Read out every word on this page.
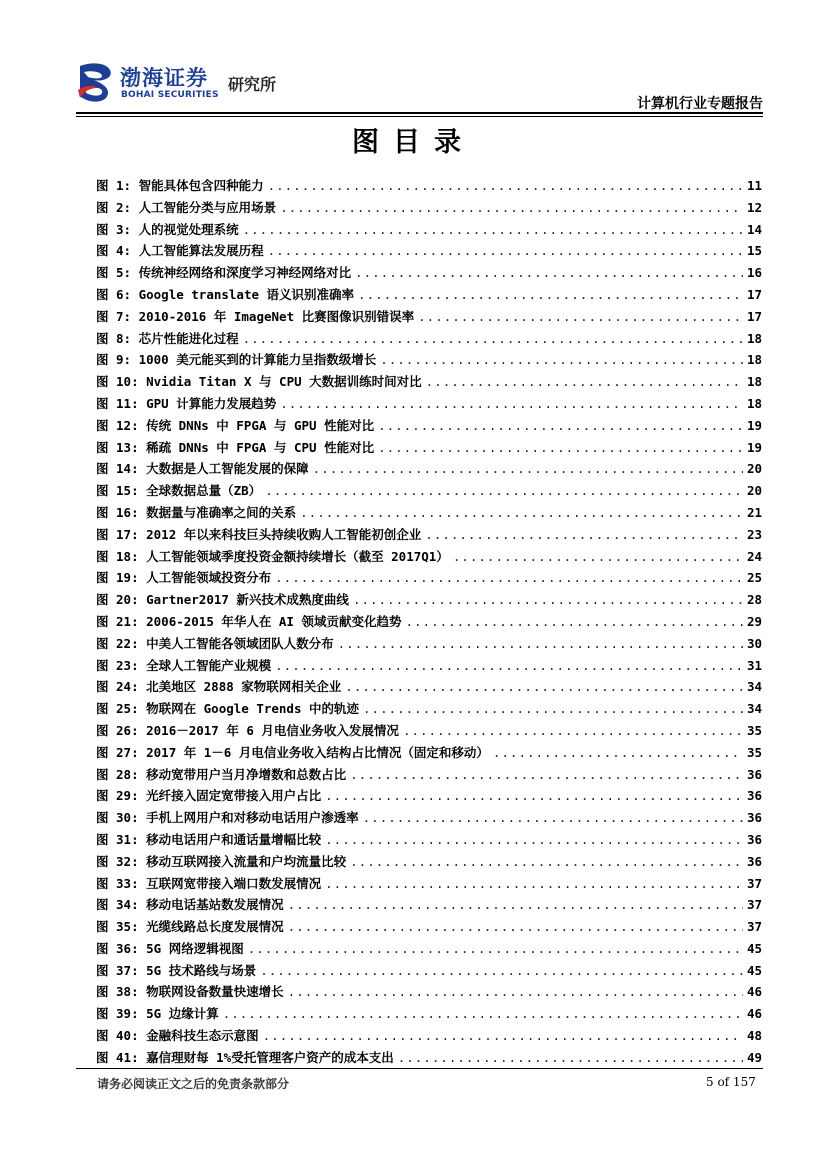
渤海证券
BOHAI SECURITIES
研究所
计算机行业专题报告
图目录
图 1: 智能具体包含四种能力 .....	11
图 2: 人工智能分类与应用场景 .....	12
图 3: 人的视觉处理系统 .....	14
图 4: 人工智能算法发展历程 .....	15
图 5: 传统神经网络和深度学习神经网络对比 .....	16
图 6: Google translate 语义识别准确率 .....	17
图 7: 2010-2016 年 ImageNet 比赛图像识别错误率 .....	17
图 8: 芯片性能进化过程 .....	18
图 9: 1000 美元能买到的计算能力呈指数级增长 .....	18
图 10: Nvidia Titan X 与 CPU 大数据训练时间对比 .....	18
图 11: GPU 计算能力发展趋势 .....	18
图 12: 传统 DNNs 中 FPGA 与 GPU 性能对比 .....	19
图 13: 稀疏 DNNs 中 FPGA 与 CPU 性能对比 .....	19
图 14: 大数据是人工智能发展的保障 .....	20
图 15: 全球数据总量（ZB） .....	20
图 16: 数据量与准确率之间的关系 .....	21
图 17: 2012 年以来科技巨头持续收购人工智能初创企业 .....	23
图 18: 人工智能领域季度投资金额持续增长（截至 2017Q1） .....	24
图 19: 人工智能领域投资分布 .....	25
图 20: Gartner2017 新兴技术成熟度曲线 .....	28
图 21: 2006-2015 年华人在 AI 领域贡献变化趋势 .....	29
图 22: 中美人工智能各领域团队人数分布 .....	30
图 23: 全球人工智能产业规模 .....	31
图 24: 北美地区 2888 家物联网相关企业 .....	34
图 25: 物联网在 Google Trends 中的轨迹 .....	34
图 26: 2016－2017 年 6 月电信业务收入发展情况 .....	35
图 27: 2017 年 1－6 月电信业务收入结构占比情况（固定和移动） .....	35
图 28: 移动宽带用户当月净增数和总数占比 .....	36
图 29: 光纤接入固定宽带接入用户占比 .....	36
图 30: 手机上网用户和对移动电话用户渗透率 .....	36
图 31: 移动电话用户和通话量增幅比较 .....	36
图 32: 移动互联网接入流量和户均流量比较 .....	36
图 33: 互联网宽带接入端口数发展情况 .....	37
图 34: 移动电话基站数发展情况 .....	37
图 35: 光缆线路总长度发展情况 .....	37
图 36: 5G 网络逻辑视图 .....	45
图 37: 5G 技术路线与场景 .....	45
图 38: 物联网设备数量快速增长 .....	46
图 39: 5G 边缘计算 .....	46
图 40: 金融科技生态示意图 .....	48
图 41: 嘉信理财每 1%受托管理客户资产的成本支出 .....	49
请务必阅读正文之后的免责条款部分	5 of 157
